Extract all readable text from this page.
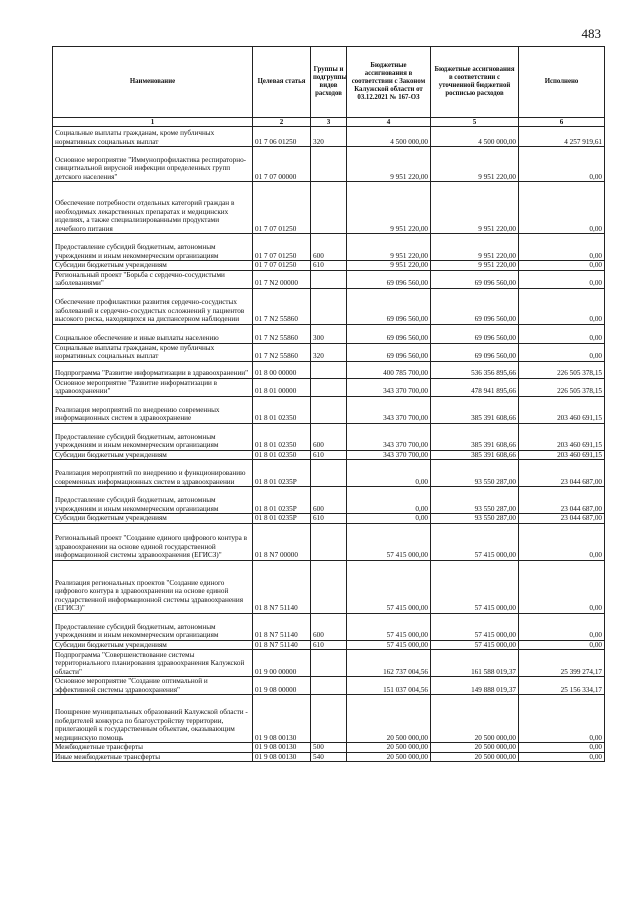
483
Наименование	Целевая статья	Группы и подгруппы видов расходов	Бюджетные ассигнования в соответствии с Законом Калужской области от 03.12.2021 № 167-ОЗ	Бюджетные ассигнования в соответствии с уточненной бюджетной росписью расходов	Исполнено
1	2	3	4	5	6
Социальные выплаты гражданам, кроме публичных нормативных социальных выплат	01 7 06 01250	320	4 500 000,00	4 500 000,00	4 257 919,61
Основное мероприятие "Иммунопрофилактика респираторно-синцитиальной вирусной инфекции определенных групп детского населения"	01 7 07 00000		9 951 220,00	9 951 220,00	0,00
Обеспечение потребности отдельных категорий граждан в необходимых лекарственных препаратах и медицинских изделиях, а также специализированными продуктами лечебного питания	01 7 07 01250		9 951 220,00	9 951 220,00	0,00
Предоставление субсидий бюджетным, автономным учреждениям и иным некоммерческим организациям	01 7 07 01250	600	9 951 220,00	9 951 220,00	0,00
Субсидии бюджетным учреждениям	01 7 07 01250	610	9 951 220,00	9 951 220,00	0,00
Региональный проект "Борьба с сердечно-сосудистыми заболеваниями"	01 7 N2 00000		69 096 560,00	69 096 560,00	0,00
Обеспечение профилактики развития сердечно-сосудистых заболеваний и сердечно-сосудистых осложнений у пациентов высокого риска, находящихся на диспансерном наблюдении	01 7 N2 55860		69 096 560,00	69 096 560,00	0,00
Социальное обеспечение и иные выплаты населению	01 7 N2 55860	300	69 096 560,00	69 096 560,00	0,00
Социальные выплаты гражданам, кроме публичных нормативных социальных выплат	01 7 N2 55860	320	69 096 560,00	69 096 560,00	0,00
Подпрограмма "Развитие информатизации в здравоохранении"	01 8 00 00000		400 785 700,00	536 356 895,66	226 505 378,15
Основное мероприятие "Развитие информатизации в здравоохранении"	01 8 01 00000		343 370 700,00	478 941 895,66	226 505 378,15
Реализация мероприятий по внедрению современных информационных систем в здравоохранение	01 8 01 02350		343 370 700,00	385 391 608,66	203 460 691,15
Предоставление субсидий бюджетным, автономным учреждениям и иным некоммерческим организациям	01 8 01 02350	600	343 370 700,00	385 391 608,66	203 460 691,15
Субсидии бюджетным учреждениям	01 8 01 02350	610	343 370 700,00	385 391 608,66	203 460 691,15
Реализация мероприятий по внедрению и функционированию современных информационных систем в здравоохранении	01 8 01 0235P		0,00	93 550 287,00	23 044 687,00
Предоставление субсидий бюджетным, автономным учреждениям и иным некоммерческим организациям	01 8 01 0235P	600	0,00	93 550 287,00	23 044 687,00
Субсидии бюджетным учреждениям	01 8 01 0235P	610	0,00	93 550 287,00	23 044 687,00
Региональный проект "Создание единого цифрового контура в здравоохранении на основе единой государственной информационной системы здравоохранения (ЕГИСЗ)"	01 8 N7 00000		57 415 000,00	57 415 000,00	0,00
Реализация региональных проектов "Создание единого цифрового контура в здравоохранении на основе единой государственной информационной системы здравоохранения (ЕГИСЗ)"	01 8 N7 51140		57 415 000,00	57 415 000,00	0,00
Предоставление субсидий бюджетным, автономным учреждениям и иным некоммерческим организациям	01 8 N7 51140	600	57 415 000,00	57 415 000,00	0,00
Субсидии бюджетным учреждениям	01 8 N7 51140	610	57 415 000,00	57 415 000,00	0,00
Подпрограмма "Совершенствование системы территориального планирования здравоохранения Калужской области"	01 9 00 00000		162 737 004,56	161 588 019,37	25 399 274,17
Основное мероприятие "Создание оптимальной и эффективной системы здравоохранения"	01 9 08 00000		151 037 004,56	149 888 019,37	25 156 334,17
Поощрение муниципальных образований Калужской области - победителей конкурса по благоустройству территории, прилегающей к государственным объектам, оказывающим медицинскую помощь	01 9 08 00130		20 500 000,00	20 500 000,00	0,00
Межбюджетные трансферты	01 9 08 00130	500	20 500 000,00	20 500 000,00	0,00
Иные межбюджетные трансферты	01 9 08 00130	540	20 500 000,00	20 500 000,00	0,00
